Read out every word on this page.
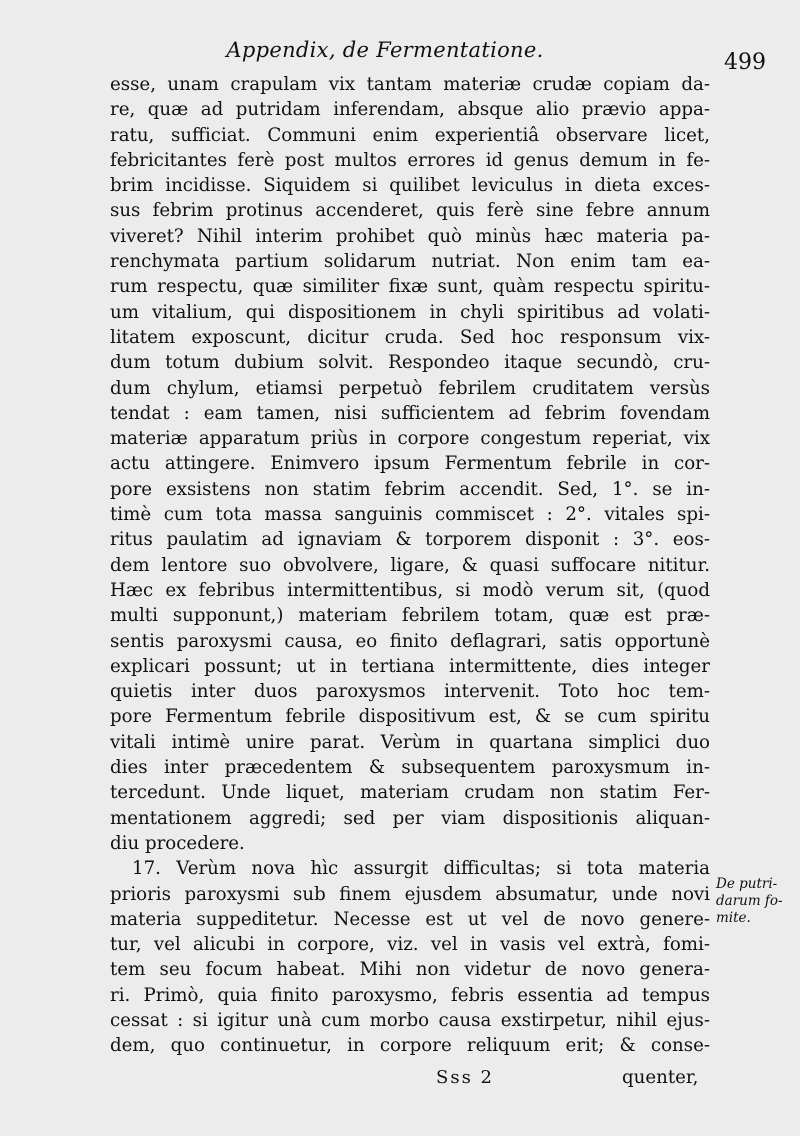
Appendix, de Fermentatione.	499
esse, unam crapulam vix tantam materiæ crudæ copiam da-
re, quæ ad putridam inferendam, absque alio prævio appa-
ratu, sufficiat. Communi enim experientiâ observare licet,
febricitantes ferè post multos errores id genus demum in fe-
brim incidisse. Siquidem si quilibet leviculus in dieta exces-
sus febrim protinus accenderet, quis ferè sine febre annum
viveret? Nihil interim prohibet quò minùs hæc materia pa-
renchymata partium solidarum nutriat. Non enim tam ea-
rum respectu, quæ similiter fixæ sunt, quàm respectu spiritu-
um vitalium, qui dispositionem in chyli spiritibus ad volati-
litatem exposcunt, dicitur cruda. Sed hoc responsum vix-
dum totum dubium solvit. Respondeo itaque secundò, cru-
dum chylum, etiamsi perpetuò febrilem cruditatem versùs
tendat : eam tamen, nisi sufficientem ad febrim fovendam
materiæ apparatum priùs in corpore congestum reperiat, vix
actu attingere. Enimvero ipsum Fermentum febrile in cor-
pore exsistens non statim febrim accendit. Sed, 1°. se in-
timè cum tota massa sanguinis commiscet : 2°. vitales spi-
ritus paulatim ad ignaviam & torporem disponit : 3°. eos-
dem lentore suo obvolvere, ligare, & quasi suffocare nititur.
Hæc ex febribus intermittentibus, si modò verum sit, (quod
multi supponunt,) materiam febrilem totam, quæ est præ-
sentis paroxysmi causa, eo finito deflagrari, satis opportunè
explicari possunt; ut in tertiana intermittente, dies integer
quietis inter duos paroxysmos intervenit. Toto hoc tem-
pore Fermentum febrile dispositivum est, & se cum spiritu
vitali intimè unire parat. Verùm in quartana simplici duo
dies inter præcedentem & subsequentem paroxysmum in-
tercedunt. Unde liquet, materiam crudam non statim Fer-
mentationem aggredi; sed per viam dispositionis aliquan-
diu procedere.
17. Verùm nova hìc assurgit difficultas; si tota materia
prioris paroxysmi sub finem ejusdem absumatur, unde novi
materia suppeditetur. Necesse est ut vel de novo genere-
tur, vel alicubi in corpore, viz. vel in vasis vel extrà, fomi-
tem seu focum habeat. Mihi non videtur de novo genera-
ri. Primò, quia finito paroxysmo, febris essentia ad tempus
cessat : si igitur unà cum morbo causa exstirpetur, nihil ejus-
dem, quo continuetur, in corpore reliquum erit; & conse-
De putri-
darum fo-
mite.
Sss 2	quenter,
